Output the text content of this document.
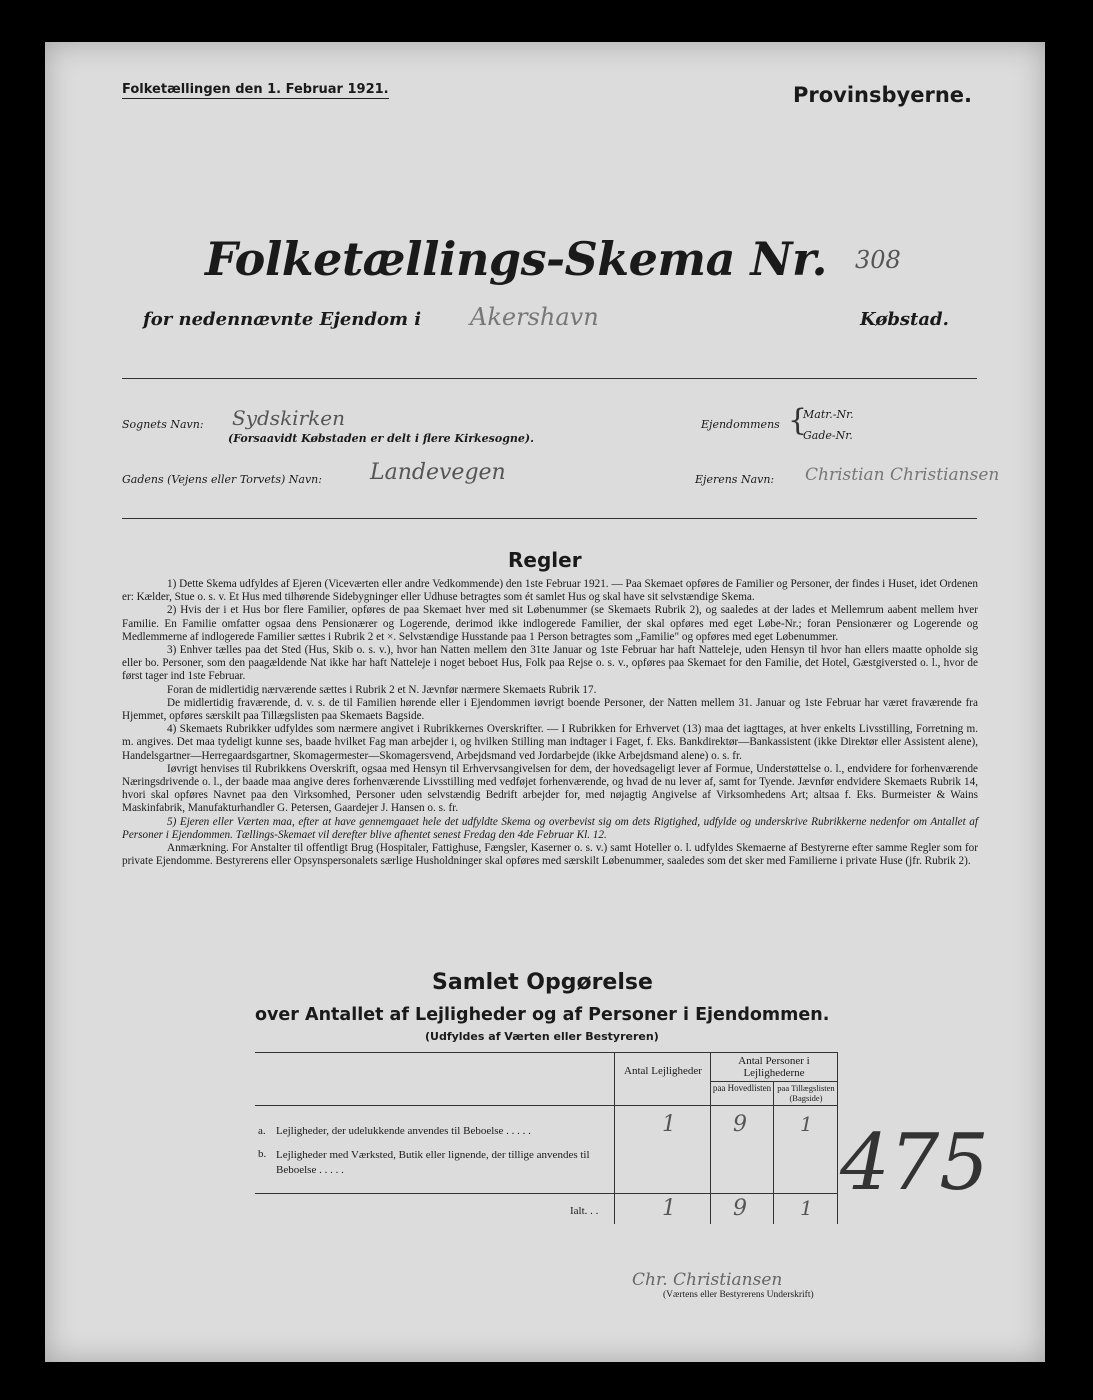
Folketællingen den 1. Februar 1921.	Provinsbyerne.
Folketællings-Skema Nr. 308
for nedennævnte Ejendom i Akershavn	Købstad.
Sognets Navn: Sydskirken
(Forsaavidt Købstaden er delt i flere Kirkesogne).
Ejendommens {
Matr.-Nr.
Gade-Nr.
Gadens (Vejens eller Torvets) Navn: Landevegen	Ejerens Navn: Christian Christiansen
Regler

1) Dette Skema udfyldes af Ejeren (Viceværten eller andre Vedkommende) den 1ste Februar 1921. — Paa Skemaet opføres de Familier og Personer, der findes i Huset, idet Ordenen er: Kælder, Stue o. s. v. Et Hus med tilhørende Sidebygninger eller Udhuse betragtes som ét samlet Hus og skal have sit selvstændige Skema.

2) Hvis der i et Hus bor flere Familier, opføres de paa Skemaet hver med sit Løbenummer (se Skemaets Rubrik 2), og saaledes at der lades et Mellemrum aabent mellem hver Familie. En Familie omfatter ogsaa dens Pensionærer og Logerende, derimod ikke indlogerede Familier, der skal opføres med eget Løbe-Nr.; foran Pensionærer og Logerende og Medlemmerne af indlogerede Familier sættes i Rubrik 2 et ×. Selvstændige Husstande paa 1 Person betragtes som „Familie" og opføres med eget Løbenummer.

3) Enhver tælles paa det Sted (Hus, Skib o. s. v.), hvor han Natten mellem den 31te Januar og 1ste Februar har haft Natteleje, uden Hensyn til hvor han ellers maatte opholde sig eller bo. Personer, som den paagældende Nat ikke har haft Natteleje i noget beboet Hus, Folk paa Rejse o. s. v., opføres paa Skemaet for den Familie, det Hotel, Gæstgiversted o. l., hvor de først tager ind 1ste Februar.

Foran de midlertidig nærværende sættes i Rubrik 2 et N. Jævnfør nærmere Skemaets Rubrik 17.

De midlertidig fraværende, d. v. s. de til Familien hørende eller i Ejendommen iøvrigt boende Personer, der Natten mellem 31. Januar og 1ste Februar har været fraværende fra Hjemmet, opføres særskilt paa Tillægslisten paa Skemaets Bagside.

4) Skemaets Rubrikker udfyldes som nærmere angivet i Rubrikkernes Overskrifter. — I Rubrikken for Erhvervet (13) maa det iagttages, at hver enkelts Livsstilling, Forretning m. m. angives. Det maa tydeligt kunne ses, baade hvilket Fag man arbejder i, og hvilken Stilling man indtager i Faget, f. Eks. Bankdirektør—Bankassistent (ikke Direktør eller Assistent alene), Handelsgartner—Herregaardsgartner, Skomagermester—Skomagersvend, Arbejdsmand ved Jordarbejde (ikke Arbejdsmand alene) o. s. fr.

Iøvrigt henvises til Rubrikkens Overskrift, ogsaa med Hensyn til Erhvervsangivelsen for dem, der hovedsageligt lever af Formue, Understøttelse o. l., endvidere for forhenværende Næringsdrivende o. l., der baade maa angive deres forhenværende Livsstilling med vedføjet forhenværende, og hvad de nu lever af, samt for Tyende. Jævnfør endvidere Skemaets Rubrik 14, hvori skal opføres Navnet paa den Virksomhed, Personer uden selvstændig Bedrift arbejder for, med nøjagtig Angivelse af Virksomhedens Art; altsaa f. Eks. Burmeister & Wains Maskinfabrik, Manufakturhandler G. Petersen, Gaardejer J. Hansen o. s. fr.

5) Ejeren eller Værten maa, efter at have gennemgaaet hele det udfyldte Skema og overbevist sig om dets Rigtighed, udfylde og underskrive Rubrikkerne nedenfor om Antallet af Personer i Ejendommen. Tællings-Skemaet vil derefter blive afhentet senest Fredag den 4de Februar Kl. 12.

Anmærkning. For Anstalter til offentligt Brug (Hospitaler, Fattighuse, Fængsler, Kaserner o. s. v.) samt Hoteller o. l. udfyldes Skemaerne af Bestyrerne efter samme Regler som for private Ejendomme. Bestyrerens eller Opsynspersonalets særlige Husholdninger skal opføres med særskilt Løbenummer, saaledes som det sker med Familierne i private Huse (jfr. Rubrik 2).

Samlet Opgørelse
over Antallet af Lejligheder og af Personer i Ejendommen.
(Udfyldes af Værten eller Bestyreren)
Antal Lejligheder
Antal Personer i Lejlighederne
paa Hovedlisten paa Tillægslisten (Bagside)
a. Lejligheder, der udelukkende anvendes til Beboelse . . . . .	1	9	1
b. Lejligheder med Værksted, Butik eller lignende, der tillige anvendes til Beboelse . . . . .
Ialt. . .	1	9	1 475
Chr. Christiansen
(Værtens eller Bestyrerens Underskrift)
